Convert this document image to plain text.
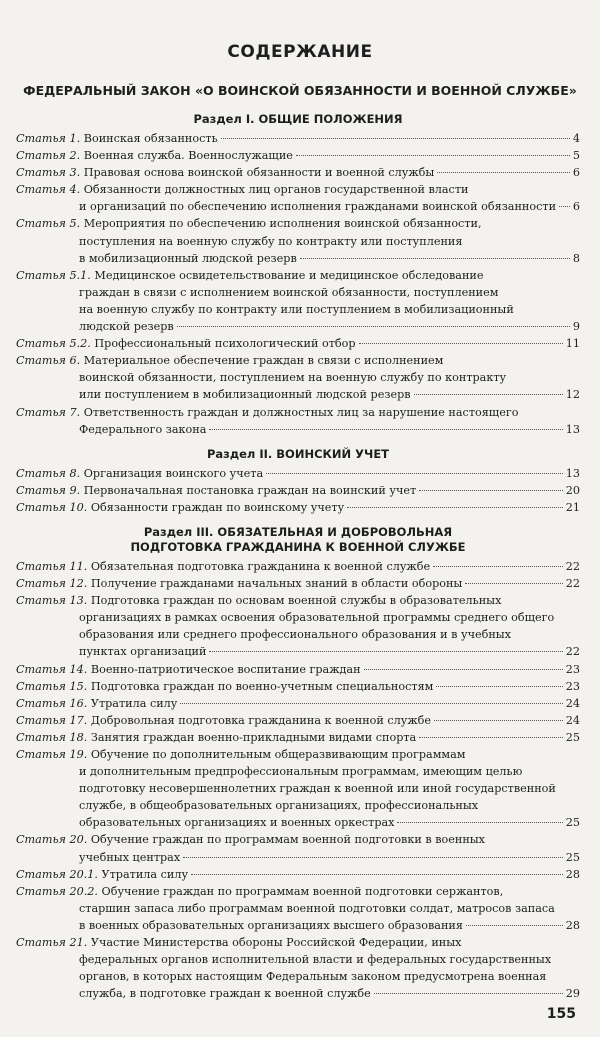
СОДЕРЖАНИЕ
ФЕДЕРАЛЬНЫЙ ЗАКОН «О ВОИНСКОЙ ОБЯЗАННОСТИ И ВОЕННОЙ СЛУЖБЕ»
Раздел I. ОБЩИЕ ПОЛОЖЕНИЯ
Статья 1. Воинская обязанность	4
Статья 2. Военная служба. Военнослужащие	5
Статья 3. Правовая основа воинской обязанности и военной службы	6
Статья 4. Обязанности должностных лиц органов государственной власти
и организаций по обеспечению исполнения гражданами воинской обязанности 6
Статья 5. Мероприятия по обеспечению исполнения воинской обязанности,
поступления на военную службу по контракту или поступления
в мобилизационный людской резерв	8
Статья 5.1. Медицинское освидетельствование и медицинское обследование
граждан в связи с исполнением воинской обязанности, поступлением
на военную службу по контракту или поступлением в мобилизационный
людской резерв	9
Статья 5.2. Профессиональный психологический отбор	11
Статья 6. Материальное обеспечение граждан в связи с исполнением
воинской обязанности, поступлением на военную службу по контракту
или поступлением в мобилизационный людской резерв	12
Статья 7. Ответственность граждан и должностных лиц за нарушение настоящего
Федерального закона	13
Раздел II. ВОИНСКИЙ УЧЕТ
Статья 8. Организация воинского учета	13
Статья 9. Первоначальная постановка граждан на воинский учет	20
Статья 10. Обязанности граждан по воинскому учету	21
Раздел III. ОБЯЗАТЕЛЬНАЯ И ДОБРОВОЛЬНАЯ
ПОДГОТОВКА ГРАЖДАНИНА К ВОЕННОЙ СЛУЖБЕ
Статья 11. Обязательная подготовка гражданина к военной службе	22
Статья 12. Получение гражданами начальных знаний в области обороны	22
Статья 13. Подготовка граждан по основам военной службы в образовательных
организациях в рамках освоения образовательной программы среднего общего
образования или среднего профессионального образования и в учебных
пунктах организаций	22
Статья 14. Военно-патриотическое воспитание граждан	23
Статья 15. Подготовка граждан по военно-учетным специальностям	23
Статья 16. Утратила силу	24
Статья 17. Добровольная подготовка гражданина к военной службе	24
Статья 18. Занятия граждан военно-прикладными видами спорта	25
Статья 19. Обучение по дополнительным общеразвивающим программам
и дополнительным предпрофессиональным программам, имеющим целью
подготовку несовершеннолетних граждан к военной или иной государственной
службе, в общеобразовательных организациях, профессиональных
образовательных организациях и военных оркестрах	25
Статья 20. Обучение граждан по программам военной подготовки в военных
учебных центрах	25
Статья 20.1. Утратила силу	28
Статья 20.2. Обучение граждан по программам военной подготовки сержантов,
старшин запаса либо программам военной подготовки солдат, матросов запаса
в военных образовательных организациях высшего образования	28
Статья 21. Участие Министерства обороны Российской Федерации, иных
федеральных органов исполнительной власти и федеральных государственных
органов, в которых настоящим Федеральным законом предусмотрена военная
служба, в подготовке граждан к военной службе	29
155
